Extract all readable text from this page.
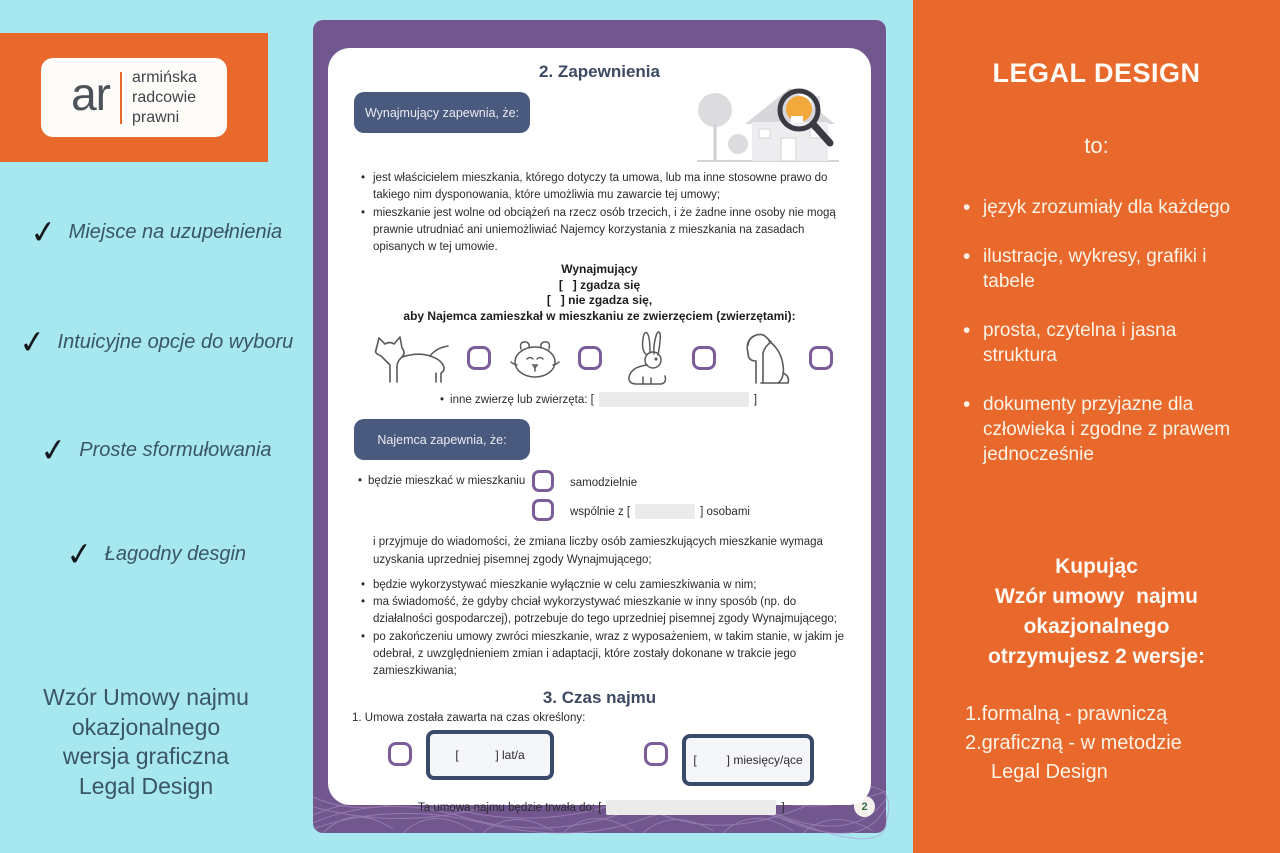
ar armińska
radcowie
prawni
✓ Miejsce na uzupełnienia
✓ Intuicyjne opcje do wyboru
✓ Proste sformułowania
✓ Łagodny desgin
Wzór Umowy najmu
okazjonalnego
wersja graficzna
Legal Design
2
2. Zapewnienia
Wynajmujący zapewnia, że:
• jest właścicielem mieszkania, którego dotyczy ta umowa, lub ma inne stosowne prawo do takiego nim dysponowania, które umożliwia mu zawarcie tej umowy;
• mieszkanie jest wolne od obciążeń na rzecz osób trzecich, i że żadne inne osoby nie mogą prawnie utrudniać ani uniemożliwiać Najemcy korzystania z mieszkania na zasadach opisanych w tej umowie.
Wynajmujący
[   ] zgadza się
[   ] nie zgadza się,
aby Najemca zamieszkał w mieszkaniu ze zwierzęciem (zwierzętami):
• inne zwierzę lub zwierzęta: [	]
Najemca zapewnia, że:
• będzie mieszkać w mieszkaniu	samodzielnie
wspólnie z [	] osobami
i przyjmuje do wiadomości, że zmiana liczby osób zamieszkujących mieszkanie wymaga uzyskania uprzedniej pisemnej zgody Wynajmującego;
• będzie wykorzystywać mieszkanie wyłącznie w celu zamieszkiwania w nim;
• ma świadomość, że gdyby chciał wykorzystywać mieszkanie w inny sposób (np. do działalności gospodarczej), potrzebuje do tego uprzedniej pisemnej zgody Wynajmującego;
• po zakończeniu umowy zwróci mieszkanie, wraz z wyposażeniem, w takim stanie, w jakim je odebrał, z uwzględnieniem zmian i adaptacji, które zostały dokonane w trakcie jego zamieszkiwania;
3. Czas najmu
1. Umowa została zawarta na czas określony:
[           ] lat/a	[         ] miesięcy/ące
Ta umowa najmu będzie trwała do: [	]
LEGAL DESIGN
to:
• język zrozumiały dla każdego
• ilustracje, wykresy, grafiki i tabele
• prosta, czytelna i jasna struktura
• dokumenty przyjazne dla człowieka i zgodne z prawem jednocześnie
Kupując
Wzór umowy  najmu
okazjonalnego
otrzymujesz 2 wersje:
1.formalną - prawniczą
2.graficzną - w metodzie
Legal Design
